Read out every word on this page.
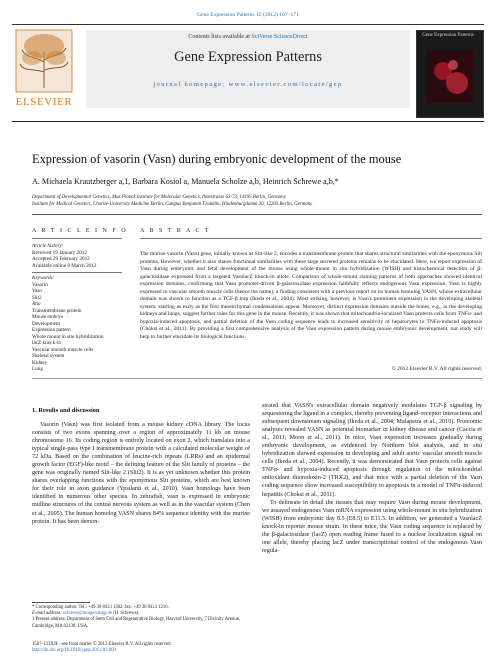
Gene Expression Patterns 12 (2012) 167–171
ELSEVIER
Contents lists available at SciVerse ScienceDirect
Gene Expression Patterns
journal homepage: www.elsevier.com/locate/gep
Gene Expression Patterns
Expression of vasorin (Vasn) during embryonic development of the mouse
A. Michaela Krautzberger a,1, Barbara Kosiol a, Manuela Scholze a,b, Heinrich Schrewe a,b,*
Department of Developmental Genetics, Max Planck Institute for Molecular Genetics, Ihnestrasse 63-73, 14195 Berlin, Germany
Institute for Medical Genetics, Charité-University Medicine Berlin, Campus Benjamin Franklin, Hindenburgdamm 30, 12203 Berlin, Germany
A R T I C L E I N F O A B S T R A C T
Article history:
Received 19 January 2012
Accepted 29 February 2012
Available online 8 March 2012
Keywords:
Vasorin
Vasn
Slit2
Atia
Transmembrane protein
Mouse embryo
Development
Expression pattern
Whole mount in situ hybridization
lacZ knock-in
Vascular smooth muscle cells
Skeletal system
Kidney
Lung
The murine vasorin (Vasn) gene, initially known as Slit-like 2, encodes a transmembrane protein that shares structural similarities with the eponymous Slit proteins. However, whether it also shares functional similarities with these large secreted proteins remains to be elucidated. Here, we report expression of Vasn during embryonic and fetal development of the mouse using whole-mount in situ hybridization (WISH) and histochemical detection of β-galactosidase expressed from a targeted VasnlacZ knock-in allele. Comparison of whole-mount staining patterns of both approaches showed identical expression domains, confirming that Vasn promoter-driven β-galactosidase expression faithfully reflects endogenous Vasn expression. Vasn is highly expressed in vascular smooth muscle cells (hence the name), a finding consistent with a previous report on its human homolog VASN, whose extracellular domain was shown to function as a TGF-β trap (Ikeda et al., 2004). Most striking, however, is Vasn's prominent expression in the developing skeletal system, starting as early as the first mesenchymal condensations appear. Moreover, distinct expression domains outside the bones, e.g., in the developing kidneys and lungs, suggest further roles for this gene in the mouse. Recently, it was shown that mitochondria-localized Vasn protects cells from TNFα- and hypoxia-induced apoptosis, and partial deletion of the Vasn coding sequence leads to increased sensitivity of hepatocytes to TNFα-induced apoptosis (Choksi et al., 2011). By providing a first comprehensive analysis of the Vasn expression pattern during mouse embryonic development, our study will help to further elucidate its biological functions.
© 2012 Elsevier B.V. All rights reserved.
1. Results and discussion
Vasorin (Vasn) was first isolated from a mouse kidney cDNA library. The locus consists of two exons spanning over a region of approximately 11 kb on mouse chromosome 16. Its coding region is entirely located on exon 2, which translates into a typical single-pass type I transmembrane protein with a calculated molecular weight of 72 kDa. Based on the combination of leucine-rich repeats (LRRs) and an epidermal growth factor (EGF)-like motif – the defining feature of the Slit family of proteins – the gene was originally named Slit-like 2 (Slit2). It is as yet unknown whether this protein shares overlapping functions with the eponymous Slit proteins, which are best known for their role in axon guidance (Ypsilanti et al., 2010). Vasn homologs have been identified in numerous other species. In zebrafish, vasn is expressed in embryonic midline structures of the central nervous system as well as in the vascular system (Chen et al., 2005). The human homolog VASN shares 84% sequence identity with the murine protein. It has been demon-
strated that VASN's extracellular domain negatively modulates TGF-β signaling by sequestering the ligand in a complex, thereby preventing ligand–receptor interactions and subsequent downstream signaling (Ikeda et al., 2004; Malapeira et al., 2010). Proteomic analyses revealed VASN as potential biomarker in kidney disease and cancer (Caccia et al., 2011; Moon et al., 2011). In mice, Vasn expression increases gradually during embryonic development, as evidenced by Northern blot analysis, and in situ hybridization showed expression in developing and adult aortic vascular smooth muscle cells (Ikeda et al., 2004). Recently, it was demonstrated that Vasn protects cells against TNFα- and hypoxia-induced apoptosis through regulation of the mitochondrial antioxidant thioredoxin-2 (TRX2), and that mice with a partial deletion of the Vasn coding sequence show increased susceptibility to apoptosis in a model of TNFα-induced hepatitis (Choksi et al., 2011).
To delineate in detail the tissues that may require Vasn during mouse development, we assayed endogenous Vasn mRNA expression using whole-mount in situ hybridization (WISH) from embryonic day 8.5 (E8.5) to E11.5. In addition, we generated a VasnlacZ knock-in reporter mouse strain. In these mice, the Vasn coding sequence is replaced by the β-galactosidase (lacZ) open reading frame fused to a nuclear localization signal on one allele, thereby placing lacZ under transcriptional control of the endogenous Vasn regula-
* Corresponding author. Tel.: +49 30 8413 1302; fax: +49 30 8413 1216.
E-mail address: schrewe@molgen.mpg.de (H. Schrewe).
1 Present address: Department of Stem Cell and Regenerative Biology, Harvard University, 7 Divinity Avenue, Cambridge, MA 02138, USA.
1567-133X/$ - see front matter © 2012 Elsevier B.V. All rights reserved.
http://dx.doi.org/10.1016/j.gep.2012.02.003
